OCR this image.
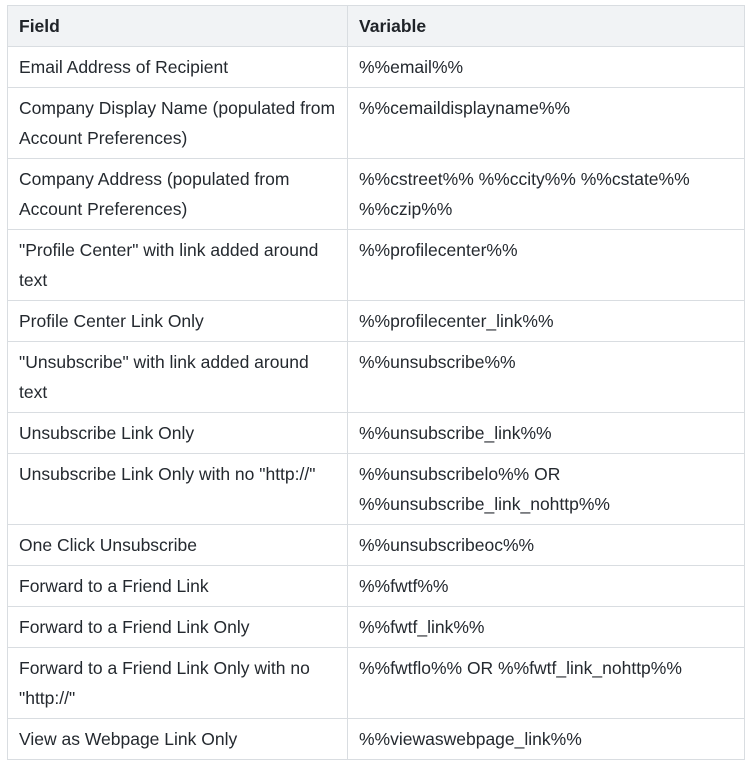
Field	Variable
Email Address of Recipient	%%email%%
Company Display Name (populated from Account Preferences)	%%cemaildisplayname%%
Company Address (populated from Account Preferences)	%%cstreet%% %%ccity%% %%cstate%% %%czip%%
"Profile Center" with link added around text	%%profilecenter%%
Profile Center Link Only	%%profilecenter_link%%
"Unsubscribe" with link added around text	%%unsubscribe%%
Unsubscribe Link Only	%%unsubscribe_link%%
Unsubscribe Link Only with no "http://"	%%unsubscribelo%% OR %%unsubscribe_link_nohttp%%
One Click Unsubscribe	%%unsubscribeoc%%
Forward to a Friend Link	%%fwtf%%
Forward to a Friend Link Only	%%fwtf_link%%
Forward to a Friend Link Only with no "http://"	%%fwtflo%% OR %%fwtf_link_nohttp%%
View as Webpage Link Only	%%viewaswebpage_link%%
